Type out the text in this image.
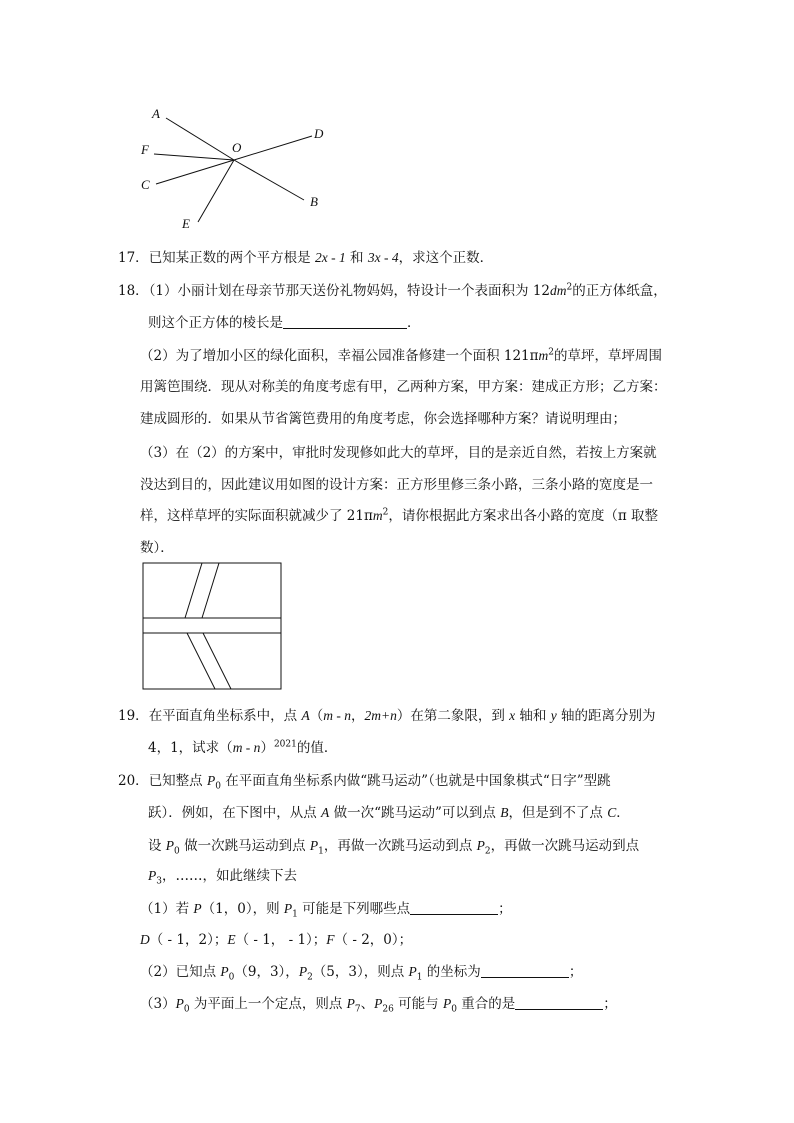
A
F	O
C
D
B
E
17．已知某正数的两个平方根是 2x - 1 和 3x - 4，求这个正数．
18．（1）小丽计划在母亲节那天送份礼物妈妈，特设计一个表面积为 $12dm^2$的正方体纸盒，
则这个正方体的棱长是	．
（2）为了增加小区的绿化面积，幸福公园准备修建一个面积 $121\pi m^2$的草坪，草坪周围
用篱笆围绕．现从对称美的角度考虑有甲，乙两种方案，甲方案：建成正方形；乙方案：
建成圆形的．如果从节省篱笆费用的角度考虑，你会选择哪种方案？请说明理由；
（3）在（2）的方案中，审批时发现修如此大的草坪，目的是亲近自然，若按上方案就
没达到目的，因此建议用如图的设计方案：正方形里修三条小路，三条小路的宽度是一
样，这样草坪的实际面积就减少了 $21\pi m^2$，请你根据此方案求出各小路的宽度（π 取整
数）．
19．在平面直角坐标系中，点 A（m - n，2m+n）在第二象限，到 x 轴和 y 轴的距离分别为
4，1，试求（m - n）$^{2021}$的值．
20．已知整点 $P_0$ 在平面直角坐标系内做“跳马运动”（也就是中国象棋式“日字”型跳
跃）．例如，在下图中，从点 A 做一次“跳马运动”可以到点 B，但是到不了点 C．
设 $P_0$ 做一次跳马运动到点 $P_1$，再做一次跳马运动到点 $P_2$，再做一次跳马运动到点
$P_3$，……，如此继续下去
（1）若 P（1，0），则 $P_1$ 可能是下列哪些点	；
D（ - 1，2）；E（ - 1， - 1）；F（ - 2，0）；
（2）已知点 $P_0(9$，3），$P_2(5$，3），则点 $P_1$ 的坐标为	；
$(3)P_0$ 为平面上一个定点，则点 $P_7$、$P_{26}$ 可能与 $P_0$ 重合的是	；
